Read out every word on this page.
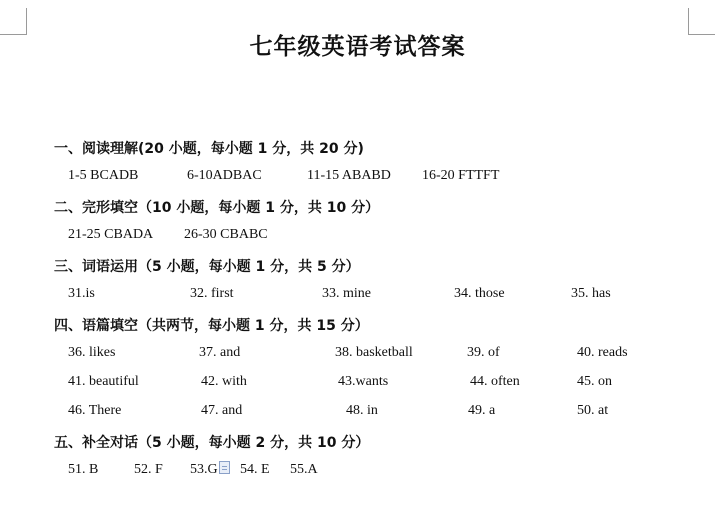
七年级英语考试答案
一、阅读理解(20 小题，每小题 1 分，共 20 分)
1-5 BCADB	6-10ADBAC	11-15 ABABD 16-20 FTTFT
二、完形填空（10 小题，每小题 1 分，共 10 分）
21-25 CBADA 26-30 CBABC
三、词语运用（5 小题，每小题 1 分，共 5 分）
31.is	32. first	33. mine	34. those	35. has
四、语篇填空（共两节，每小题 1 分，共 15 分）
36. likes	37. and	38. basketball	39. of	40. reads
41. beautiful	42. with	43.wants	44. often	45. on
46. There	47. and	48. in	49. a	50. at
五、补全对话（5 小题，每小题 2 分，共 10 分）
51. B	52. F 53.G 54. E 55.A
